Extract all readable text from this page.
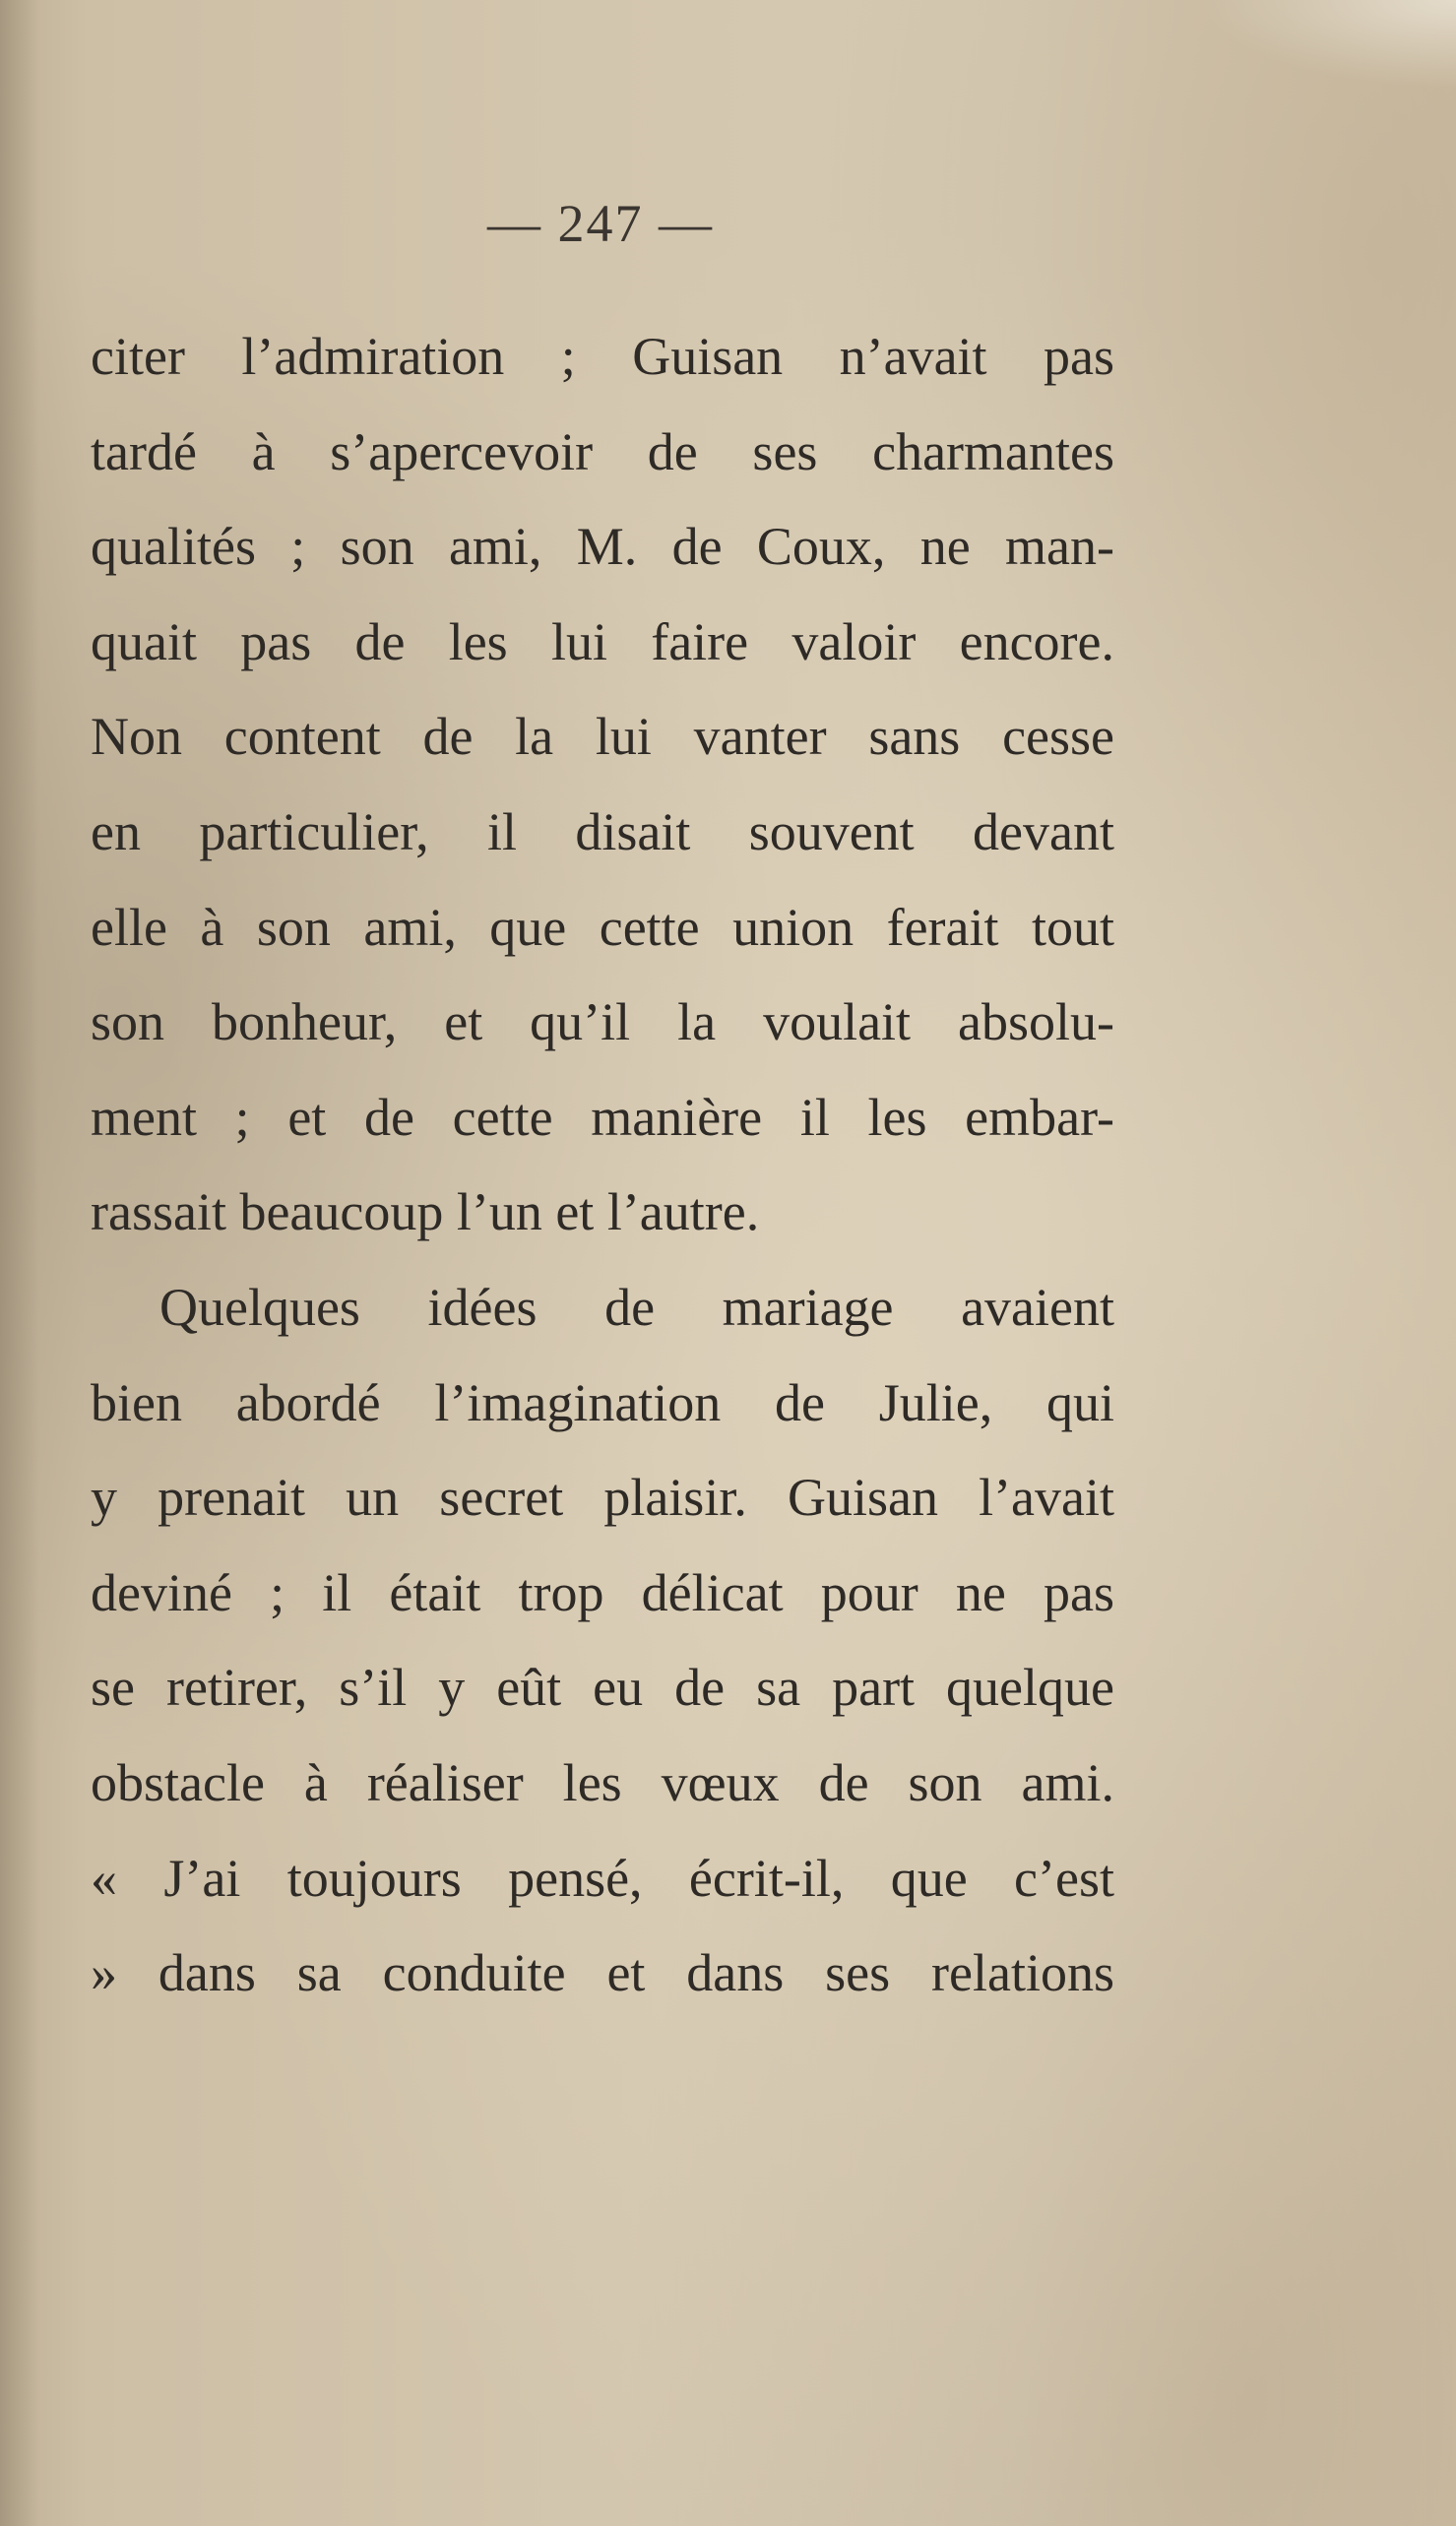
— 247 —
citer l’admiration ; Guisan n’avait pas
tardé à s’apercevoir de ses charmantes
qualités ; son ami, M. de Coux, ne man-
quait pas de les lui faire valoir encore.
Non content de la lui vanter sans cesse
en particulier, il disait souvent devant
elle à son ami, que cette union ferait tout
son bonheur, et qu’il la voulait absolu-
ment ; et de cette manière il les embar-
rassait beaucoup l’un et l’autre.
Quelques idées de mariage avaient
bien abordé l’imagination de Julie, qui
y prenait un secret plaisir. Guisan l’avait
deviné ; il était trop délicat pour ne pas
se retirer, s’il y eût eu de sa part quelque
obstacle à réaliser les vœux de son ami.
« J’ai toujours pensé, écrit-il, que c’est
» dans sa conduite et dans ses relations
